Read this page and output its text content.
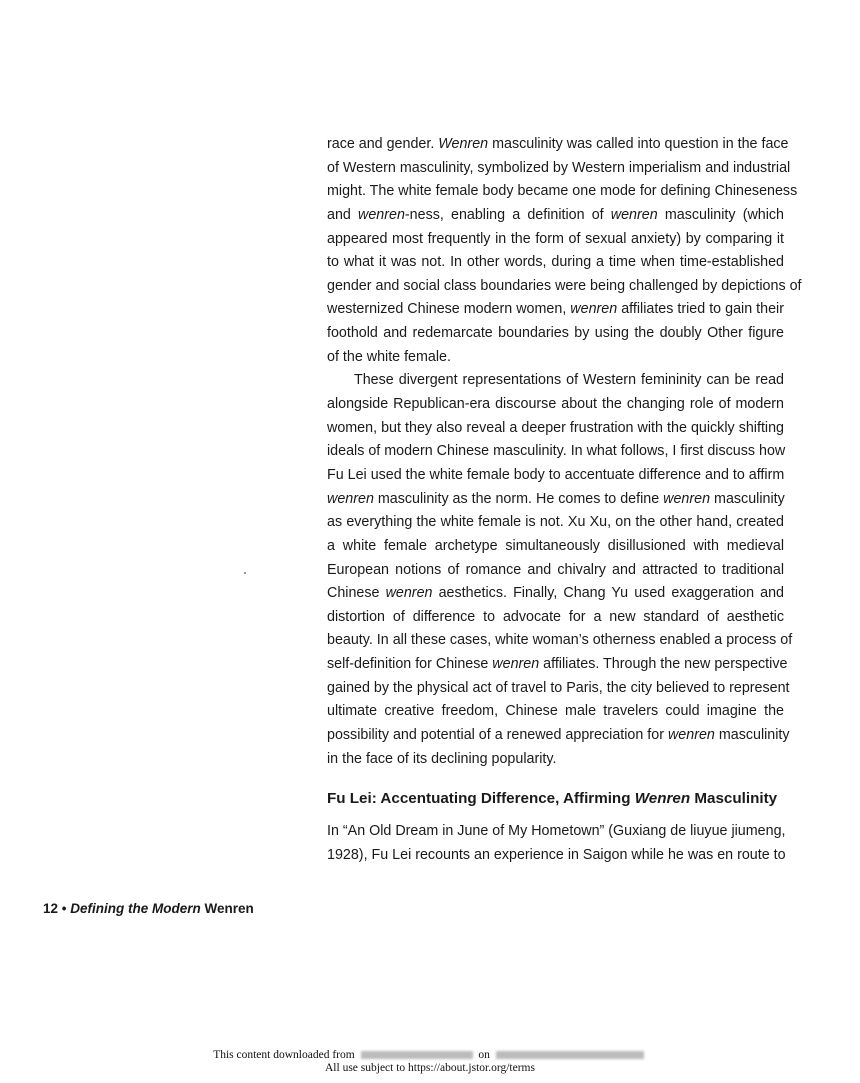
race and gender. Wenren masculinity was called into question in the face
of Western masculinity, symbolized by Western imperialism and industrial
might. The white female body became one mode for defining Chineseness
and wenren-ness, enabling a definition of wenren masculinity (which
appeared most frequently in the form of sexual anxiety) by comparing it
to what it was not. In other words, during a time when time-established
gender and social class boundaries were being challenged by depictions of
westernized Chinese modern women, wenren affiliates tried to gain their
foothold and redemarcate boundaries by using the doubly Other figure
of the white female.
These divergent representations of Western femininity can be read
alongside Republican-era discourse about the changing role of modern
women, but they also reveal a deeper frustration with the quickly shifting
ideals of modern Chinese masculinity. In what follows, I first discuss how
Fu Lei used the white female body to accentuate difference and to affirm
wenren masculinity as the norm. He comes to define wenren masculinity
as everything the white female is not. Xu Xu, on the other hand, created
a white female archetype simultaneously disillusioned with medieval
European notions of romance and chivalry and attracted to traditional
Chinese wenren aesthetics. Finally, Chang Yu used exaggeration and
distortion of difference to advocate for a new standard of aesthetic
beauty. In all these cases, white woman’s otherness enabled a process of
self-definition for Chinese wenren affiliates. Through the new perspective
gained by the physical act of travel to Paris, the city believed to represent
ultimate creative freedom, Chinese male travelers could imagine the
possibility and potential of a renewed appreciation for wenren masculinity
in the face of its declining popularity.
Fu Lei: Accentuating Difference, Affirming Wenren Masculinity
In “An Old Dream in June of My Hometown” (Guxiang de liuyue jiumeng,
1928), Fu Lei recounts an experience in Saigon while he was en route to
12 • Defining the Modern Wenren
This content downloaded from	on
All use subject to https://about.jstor.org/terms
